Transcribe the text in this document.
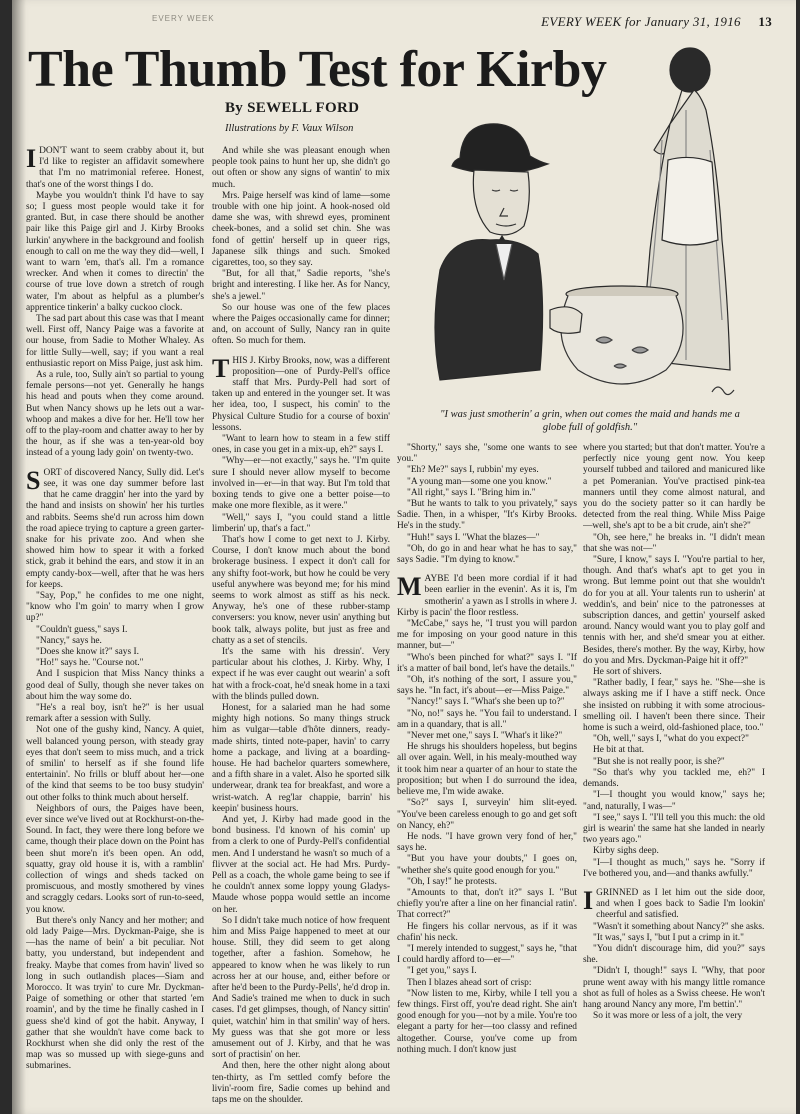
EVERY WEEK	EVERY WEEK for January 31, 1916 13
The Thumb Test for Kirby
By SEWELL FORD
Illustrations by F. Vaux Wilson

IDON'T want to seem crabby about it, but I'd like to register an affidavit somewhere that I'm no matrimonial referee. Honest, that's one of the worst things I do.

Maybe you wouldn't think I'd have to say so; I guess most people would take it for granted. But, in case there should be another pair like this Paige girl and J. Kirby Brooks lurkin' anywhere in the background and foolish enough to call on me the way they did—well, I want to warn 'em, that's all. I'm a romance wrecker. And when it comes to directin' the course of true love down a stretch of rough water, I'm about as helpful as a plumber's apprentice tinkerin' a balky cuckoo clock.

The sad part about this case was that I meant well. First off, Nancy Paige was a favorite at our house, from Sadie to Mother Whaley. As for little Sully—well, say; if you want a real enthusiastic report on Miss Paige, just ask him.

As a rule, too, Sully ain't so partial to young female persons—not yet. Generally he hangs his head and pouts when they come around. But when Nancy shows up he lets out a war-whoop and makes a dive for her. He'll tow her off to the play-room and chatter away to her by the hour, as if she was a ten-year-old boy instead of a young lady goin' on twenty-two.

SORT of discovered Nancy, Sully did. Let's see, it was one day summer before last that he came draggin' her into the yard by the hand and insists on showin' her his turtles and rabbits. Seems she'd run across him down the road apiece trying to capture a green garter-snake for his private zoo. And when she showed him how to spear it with a forked stick, grab it behind the ears, and stow it in an empty candy-box—well, after that he was hers for keeps.

"Say, Pop," he confides to me one night, "know who I'm goin' to marry when I grow up?"

"Couldn't guess," says I.

"Nancy," says he.

"Does she know it?" says I.

"Ho!" says he. "Course not."

And I suspicion that Miss Nancy thinks a good deal of Sully, though she never takes on about him the way some do.

"He's a real boy, isn't he?" is her usual remark after a session with Sully.

Not one of the gushy kind, Nancy. A quiet, well balanced young person, with steady gray eyes that don't seem to miss much, and a trick of smilin' to herself as if she found life entertainin'. No frills or bluff about her—one of the kind that seems to be too busy studyin' out other folks to think much about herself.

Neighbors of ours, the Paiges have been, ever since we've lived out at Rockhurst-on-the-Sound. In fact, they were there long before we came, though their place down on the Point has been shut more'n it's been open. An odd, squatty, gray old house it is, with a ramblin' collection of wings and sheds tacked on promiscuous, and mostly smothered by vines and scraggly cedars. Looks sort of run-to-seed, you know.

But there's only Nancy and her mother; and old lady Paige—Mrs. Dyckman-Paige, she is—has the name of bein' a bit peculiar. Not batty, you understand, but independent and freaky. Maybe that comes from havin' lived so long in such outlandish places—Siam and Morocco. It was tryin' to cure Mr. Dyckman-Paige of something or other that started 'em roamin', and by the time he finally cashed in I guess she'd kind of got the habit. Anyway, I gather that she wouldn't have come back to Rockhurst when she did only the rest of the map was so mussed up with siege-guns and submarines.

And while she was pleasant enough when people took pains to hunt her up, she didn't go out often or show any signs of wantin' to mix much.

Mrs. Paige herself was kind of lame—some trouble with one hip joint. A hook-nosed old dame she was, with shrewd eyes, prominent cheek-bones, and a solid set chin. She was fond of gettin' herself up in queer rigs, Japanese silk things and such. Smoked cigarettes, too, so they say.

"But, for all that," Sadie reports, "she's bright and interesting. I like her. As for Nancy, she's a jewel."

So our house was one of the few places where the Paiges occasionally came for dinner; and, on account of Sully, Nancy ran in quite often. So much for them.

THIS J. Kirby Brooks, now, was a different proposition—one of Purdy-Pell's office staff that Mrs. Purdy-Pell had sort of taken up and entered in the younger set. It was her idea, too, I suspect, his comin' to the Physical Culture Studio for a course of boxin' lessons.

"Want to learn how to steam in a few stiff ones, in case you get in a mix-up, eh?" says I.

"Why—er—not exactly," says he. "I'm quite sure I should never allow myself to become involved in—er—in that way. But I'm told that boxing tends to give one a better poise—to make one more flexible, as it were."

"Well," says I, "you could stand a little limberin' up, that's a fact."

That's how I come to get next to J. Kirby. Course, I don't know much about the bond brokerage business. I expect it don't call for any shifty foot-work, but how he could be very useful anywhere was beyond me; for his mind seems to work almost as stiff as his neck. Anyway, he's one of these rubber-stamp conversers: you know, never usin' anything but book talk, always polite, but just as free and chatty as a set of stencils.

It's the same with his dressin'. Very particular about his clothes, J. Kirby. Why, I expect if he was ever caught out wearin' a soft hat with a frock-coat, he'd sneak home in a taxi with the blinds pulled down.

Honest, for a salaried man he had some mighty high notions. So many things struck him as vulgar—table d'hôte dinners, ready-made shirts, tinted note-paper, havin' to carry home a package, and living at a boarding-house. He had bachelor quarters somewhere, and a fifth share in a valet. Also he sported silk underwear, drank tea for breakfast, and wore a wrist-watch. A reg'lar chappie, barrin' his keepin' business hours.

And yet, J. Kirby had made good in the bond business. I'd known of his comin' up from a clerk to one of Purdy-Pell's confidential men. And I understand he wasn't so much of a flivver at the social act. He had Mrs. Purdy-Pell as a coach, the whole game being to see if he couldn't annex some loppy young Gladys-Maude whose poppa would settle an income on her.

So I didn't take much notice of how frequent him and Miss Paige happened to meet at our house. Still, they did seem to get along together, after a fashion. Somehow, he appeared to know when he was likely to run across her at our house, and, either before or after he'd been to the Purdy-Pells', he'd drop in. And Sadie's trained me when to duck in such cases. I'd get glimpses, though, of Nancy sittin' quiet, watchin' him in that smilin' way of hers. My guess was that she got more or less amusement out of J. Kirby, and that he was sort of practisin' on her.

And then, here the other night along about ten-thirty, as I'm settled comfy before the livin'-room fire, Sadie comes up behind and taps me on the shoulder.

"I was just smotherin' a grin, when out comes the maid and hands me a globe full of goldfish."

"Shorty," says she, "some one wants to see you."

"Eh? Me?" says I, rubbin' my eyes.

"A young man—some one you know."

"All right," says I. "Bring him in."

"But he wants to talk to you privately," says Sadie. Then, in a whisper, "It's Kirby Brooks. He's in the study."

"Huh!" says I. "What the blazes—"

"Oh, do go in and hear what he has to say," says Sadie. "I'm dying to know."

MAYBE I'd been more cordial if it had been earlier in the evenin'. As it is, I'm smotherin' a yawn as I strolls in where J. Kirby is pacin' the floor restless.

"McCabe," says he, "I trust you will pardon me for imposing on your good nature in this manner, but—"

"Who's been pinched for what?" says I. "If it's a matter of bail bond, let's have the details."

"Oh, it's nothing of the sort, I assure you," says he. "In fact, it's about—er—Miss Paige."

"Nancy!" says I. "What's she been up to?"

"No, no!" says he. "You fail to understand. I am in a quandary, that is all."

"Never met one," says I. "What's it like?"

He shrugs his shoulders hopeless, but begins all over again. Well, in his mealy-mouthed way it took him near a quarter of an hour to state the proposition; but when I do surround the idea, believe me, I'm wide awake.

"So?" says I, surveyin' him slit-eyed. "You've been careless enough to go and get soft on Nancy, eh?"

He nods. "I have grown very fond of her," says he.

"But you have your doubts," I goes on, "whether she's quite good enough for you."

"Oh, I say!" he protests.

"Amounts to that, don't it?" says I. "But chiefly you're after a line on her financial ratin'. That correct?"

He fingers his collar nervous, as if it was chafin' his neck.

"I merely intended to suggest," says he, "that I could hardly afford to—er—"

"I get you," says I.

Then I blazes ahead sort of crisp:

"Now listen to me, Kirby, while I tell you a few things. First off, you're dead right. She ain't good enough for you—not by a mile. You're too elegant a party for her—too classy and refined altogether. Course, you've come up from nothing much. I don't know just

where you started; but that don't matter. You're a perfectly nice young gent now. You keep yourself tubbed and tailored and manicured like a pet Pomeranian. You've practised pink-tea manners until they come almost natural, and you do the society patter so it can hardly be detected from the real thing. While Miss Paige—well, she's apt to be a bit crude, ain't she?"

"Oh, see here," he breaks in. "I didn't mean that she was not—"

"Sure, I know," says I. "You're partial to her, though. And that's what's apt to get you in wrong. But lemme point out that she wouldn't do for you at all. Your talents run to usherin' at weddin's, and bein' nice to the patronesses at subscription dances, and gettin' yourself asked around. Nancy would want you to play golf and tennis with her, and she'd smear you at either. Besides, there's mother. By the way, Kirby, how do you and Mrs. Dyckman-Paige hit it off?"

He sort of shivers.

"Rather badly, I fear," says he. "She—she is always asking me if I have a stiff neck. Once she insisted on rubbing it with some atrocious-smelling oil. I haven't been there since. Their home is such a weird, old-fashioned place, too."

"Oh, well," says I, "what do you expect?"

He bit at that.

"But she is not really poor, is she?"

"So that's why you tackled me, eh?" I demands.

"I—I thought you would know," says he; "and, naturally, I was—"

"I see," says I. "I'll tell you this much: the old girl is wearin' the same hat she landed in nearly two years ago."

Kirby sighs deep.

"I—I thought as much," says he. "Sorry if I've bothered you, and—and thanks awfully."

IGRINNED as I let him out the side door, and when I goes back to Sadie I'm lookin' cheerful and satisfied.

"Wasn't it something about Nancy?" she asks.

"It was," says I, "but I put a crimp in it."

"You didn't discourage him, did you?" says she.

"Didn't I, though!" says I. "Why, that poor prune went away with his mangy little romance shot as full of holes as a Swiss cheese. He won't hang around Nancy any more, I'm bettin'."

So it was more or less of a jolt, the very
